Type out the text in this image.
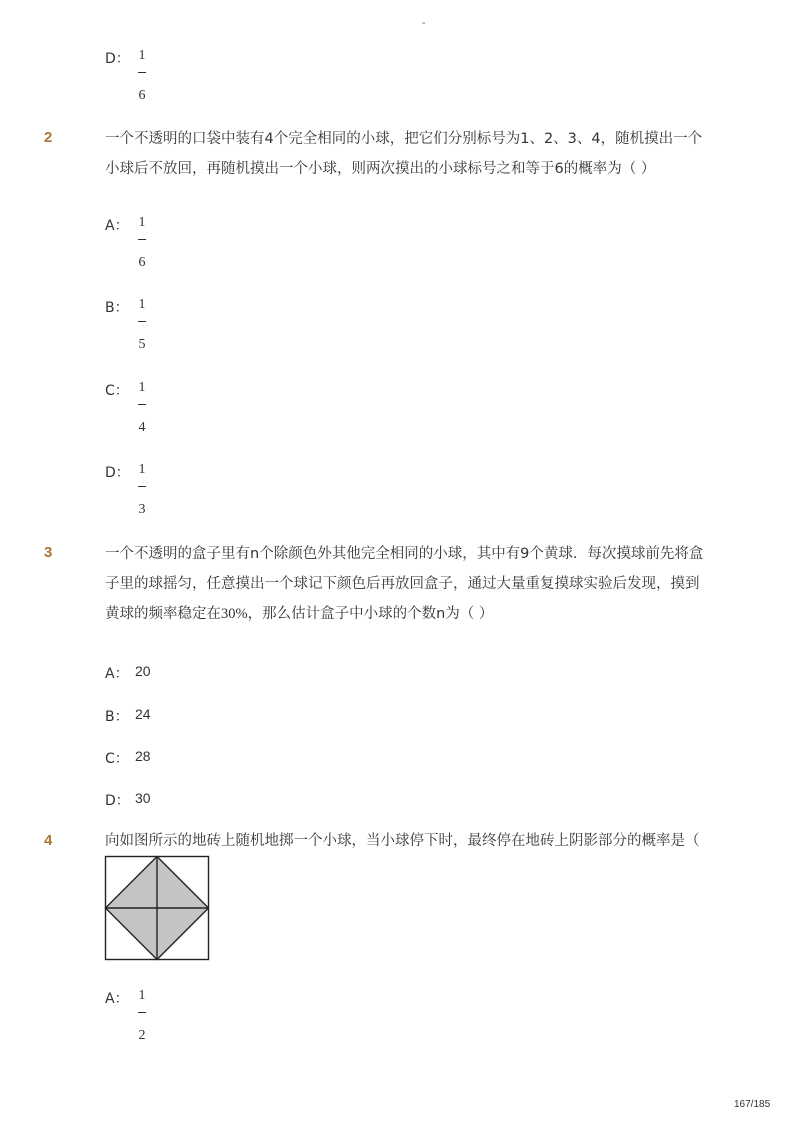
-
D： 1
6
2	一个不透明的口袋中装有4个完全相同的小球，把它们分别标号为1、2、3、4，随机摸出一个小球后不放回，再随机摸出一个小球，则两次摸出的小球标号之和等于6的概率为（ ）
A： 1
6
B： 1
5
C： 1
4
D： 1
3
3	一个不透明的盒子里有n个除颜色外其他完全相同的小球，其中有9个黄球．每次摸球前先将盒子里的球摇匀，任意摸出一个球记下颜色后再放回盒子，通过大量重复摸球实验后发现，摸到黄球的频率稳定在30%，那么估计盒子中小球的个数n为（ ）
A： 20
B： 24
C： 28
D： 30
4	向如图所示的地砖上随机地掷一个小球，当小球停下时，最终停在地砖上阴影部分的概率是（
A： 1
2
167/185
